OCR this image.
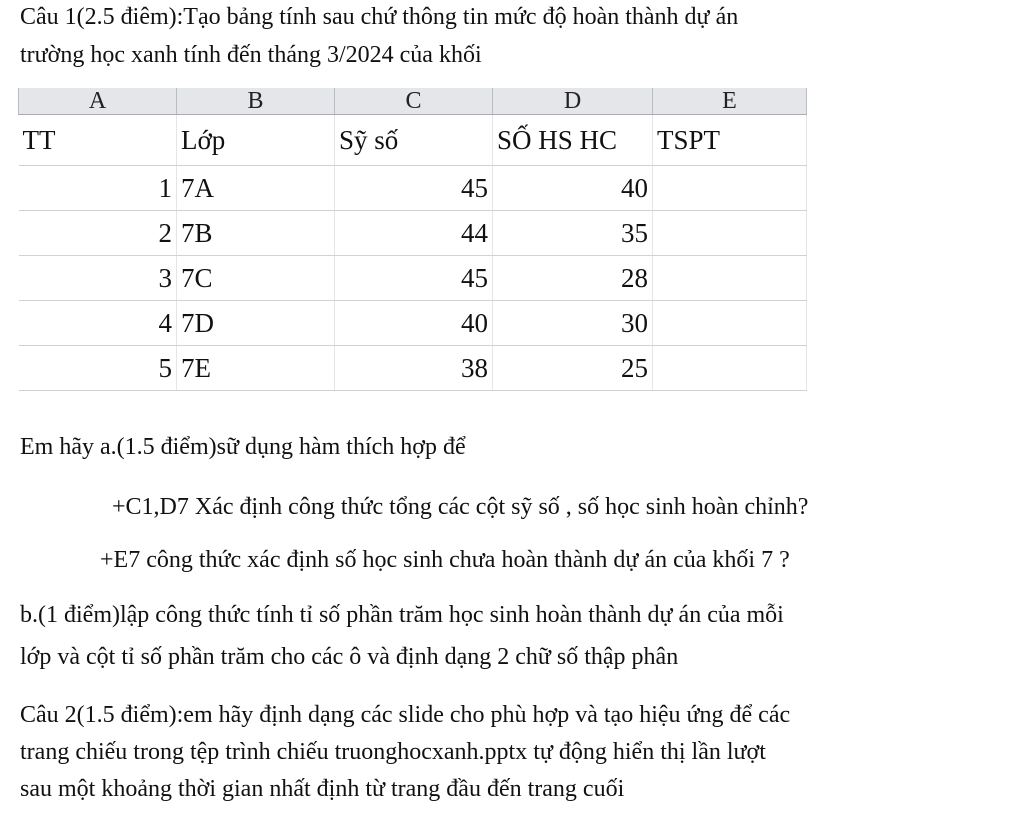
Câu 1(2.5 điêm):Tạo bảng tính sau chứ thông tin mức độ hoàn thành dự án
trường học xanh tính đến tháng 3/2024 của khối
A	B	C	D	E
TT	Lớp	Sỹ số	SỐ HS HC	TSPT
1	7A	45	40	
2	7B	44	35	
3	7C	45	28	
4	7D	40	30	
5	7E	38	25	
Em hãy a.(1.5 điểm)sữ dụng hàm thích hợp để
+C1,D7 Xác định công thức tổng các cột sỹ số , số học sinh hoàn chỉnh?
+E7 công thức xác định số học sinh chưa hoàn thành dự án của khối 7 ?
b.(1 điểm)lập công thức tính tỉ số phần trăm học sinh hoàn thành dự án của mỗi
lớp và cột tỉ số phần trăm cho các ô và định dạng 2 chữ số thập phân
Câu 2(1.5 điểm):em hãy định dạng các slide cho phù hợp và tạo hiệu ứng để các
trang chiếu trong tệp trình chiếu truonghocxanh.pptx tự động hiển thị lần lượt
sau một khoảng thời gian nhất định từ trang đầu đến trang cuối
